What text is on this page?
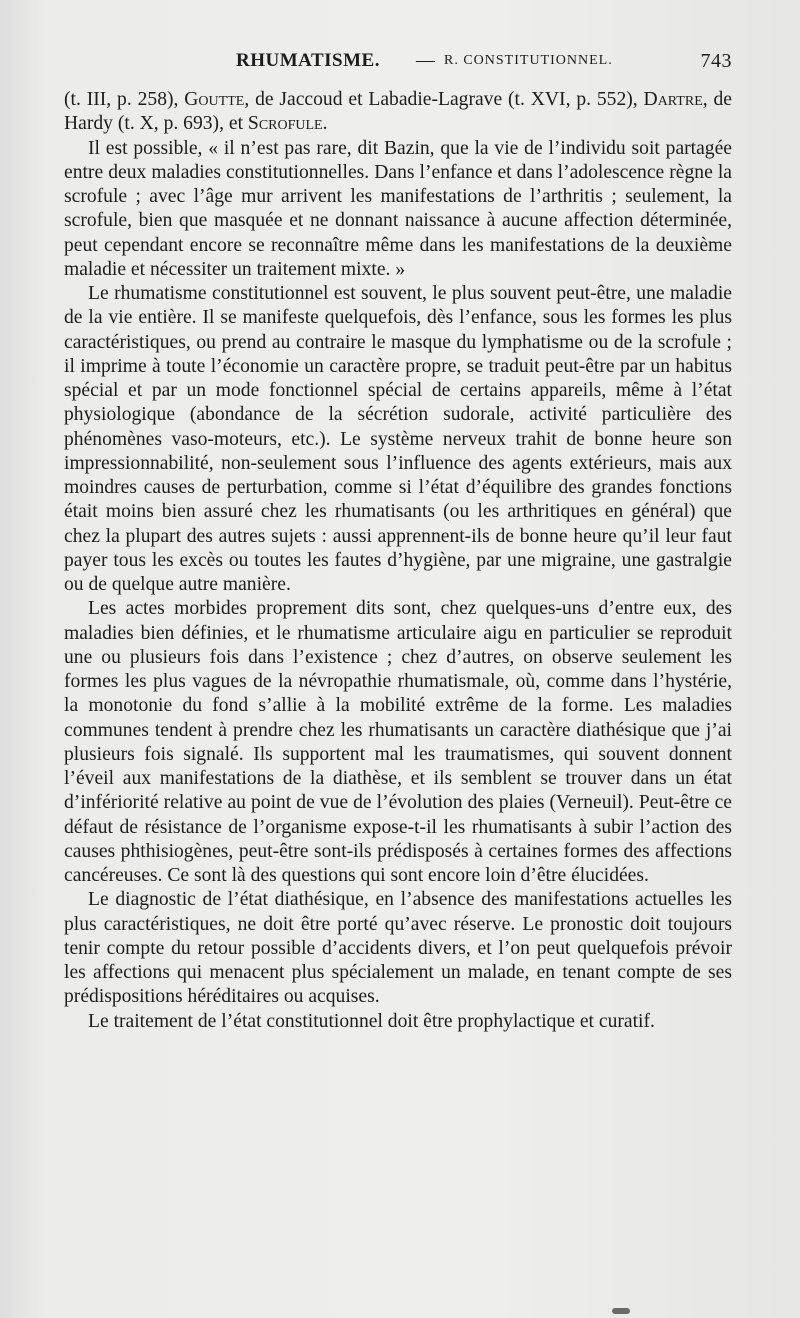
RHUMATISME. — R. CONSTITUTIONNEL.	743

(t. III, p. 258), Goutte, de Jaccoud et Labadie-Lagrave (t. XVI, p. 552), Dartre, de Hardy (t. X, p. 693), et Scrofule.

Il est possible, « il n’est pas rare, dit Bazin, que la vie de l’individu soit partagée entre deux maladies constitutionnelles. Dans l’enfance et dans l’adolescence règne la scrofule ; avec l’âge mur arrivent les manifestations de l’arthritis ; seulement, la scrofule, bien que masquée et ne donnant naissance à aucune affection déterminée, peut cependant encore se reconnaître même dans les manifestations de la deuxième maladie et nécessiter un traitement mixte. »

Le rhumatisme constitutionnel est souvent, le plus souvent peut-être, une maladie de la vie entière. Il se manifeste quelquefois, dès l’enfance, sous les formes les plus caractéristiques, ou prend au contraire le masque du lymphatisme ou de la scrofule ; il imprime à toute l’économie un caractère propre, se traduit peut-être par un habitus spécial et par un mode fonctionnel spécial de certains appareils, même à l’état physiologique (abondance de la sécrétion sudorale, activité particulière des phénomènes vaso-moteurs, etc.). Le système nerveux trahit de bonne heure son impressionnabilité, non-seulement sous l’influence des agents extérieurs, mais aux moindres causes de perturbation, comme si l’état d’équilibre des grandes fonctions était moins bien assuré chez les rhumatisants (ou les arthritiques en général) que chez la plupart des autres sujets : aussi apprennent-ils de bonne heure qu’il leur faut payer tous les excès ou toutes les fautes d’hygiène, par une migraine, une gastralgie ou de quelque autre manière.

Les actes morbides proprement dits sont, chez quelques-uns d’entre eux, des maladies bien définies, et le rhumatisme articulaire aigu en particulier se reproduit une ou plusieurs fois dans l’existence ; chez d’autres, on observe seulement les formes les plus vagues de la névropathie rhumatismale, où, comme dans l’hystérie, la monotonie du fond s’allie à la mobilité extrême de la forme. Les maladies communes tendent à prendre chez les rhumatisants un caractère diathésique que j’ai plusieurs fois signalé. Ils supportent mal les traumatismes, qui souvent donnent l’éveil aux manifestations de la diathèse, et ils semblent se trouver dans un état d’infériorité relative au point de vue de l’évolution des plaies (Verneuil). Peut-être ce défaut de résistance de l’organisme expose-t-il les rhumatisants à subir l’action des causes phthisiogènes, peut-être sont-ils prédisposés à certaines formes des affections cancéreuses. Ce sont là des questions qui sont encore loin d’être élucidées.

Le diagnostic de l’état diathésique, en l’absence des manifestations actuelles les plus caractéristiques, ne doit être porté qu’avec réserve. Le pronostic doit toujours tenir compte du retour possible d’accidents divers, et l’on peut quelquefois prévoir les affections qui menacent plus spécialement un malade, en tenant compte de ses prédispositions héréditaires ou acquises.

Le traitement de l’état constitutionnel doit être prophylactique et curatif.
